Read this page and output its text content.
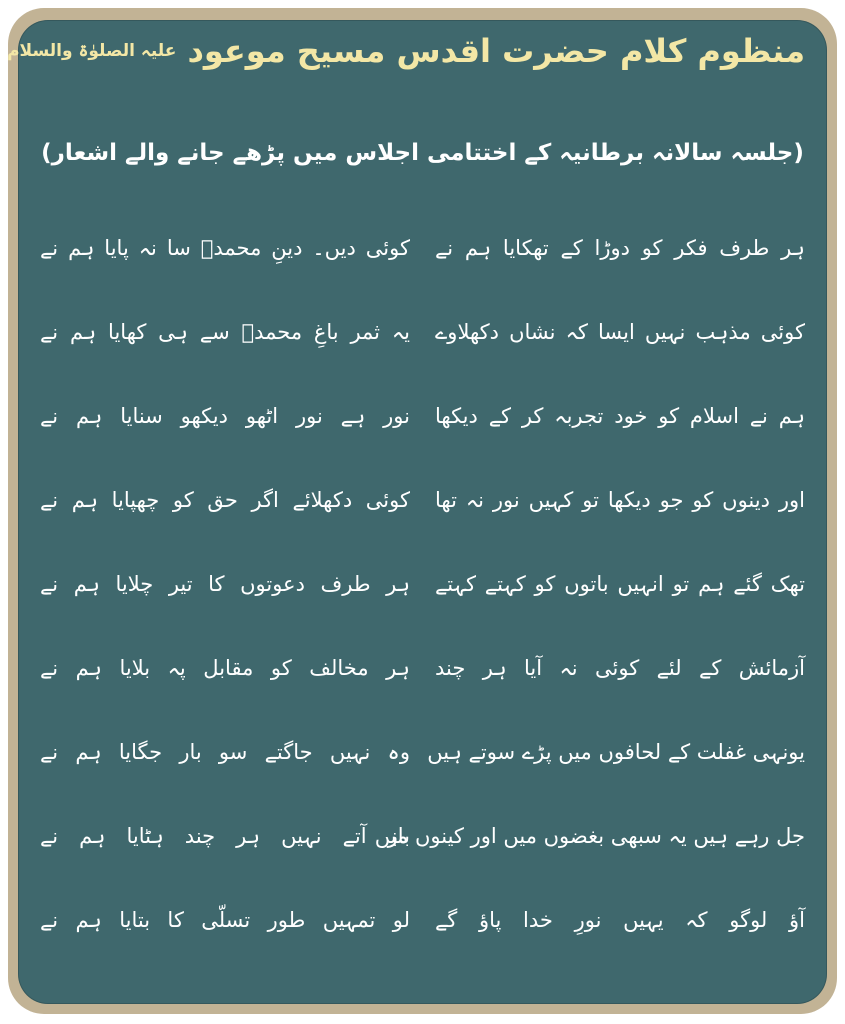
منظوم کلام حضرت اقدس مسیح موعود علیہ الصلوٰۃ والسلام
(جلسہ سالانہ برطانیہ کے اختتامی اجلاس میں پڑھے جانے والے اشعار)
ہر طرف فکر کو دوڑا کے تھکایا ہم نے
کوئی دیں۔ دینِ محمدؐ سا نہ پایا ہم نے
کوئی مذہب نہیں ایسا کہ نشاں دکھلاوے
یہ ثمر باغِ محمدؐ سے ہی کھایا ہم نے
ہم نے اسلام کو خود تجربہ کر کے دیکھا
نور ہے نور اٹھو دیکھو سنایا ہم نے
اور دینوں کو جو دیکھا تو کہیں نور نہ تھا
کوئی دکھلائے اگر حق کو چھپایا ہم نے
تھک گئے ہم تو انہیں باتوں کو کہتے کہتے
ہر طرف دعوتوں کا تیر چلایا ہم نے
آزمائش کے لئے کوئی نہ آیا ہر چند
ہر مخالف کو مقابل پہ بلایا ہم نے
یونہی غفلت کے لحافوں میں پڑے سوتے ہیں
وہ نہیں جاگتے سو بار جگایا ہم نے
جل رہے ہیں یہ سبھی بغضوں میں اور کینوں میں
باز آتے نہیں ہر چند ہٹایا ہم نے
آؤ لوگو کہ یہیں نورِ خدا پاؤ گے
لو تمہیں طور تسلّی کا بتایا ہم نے
